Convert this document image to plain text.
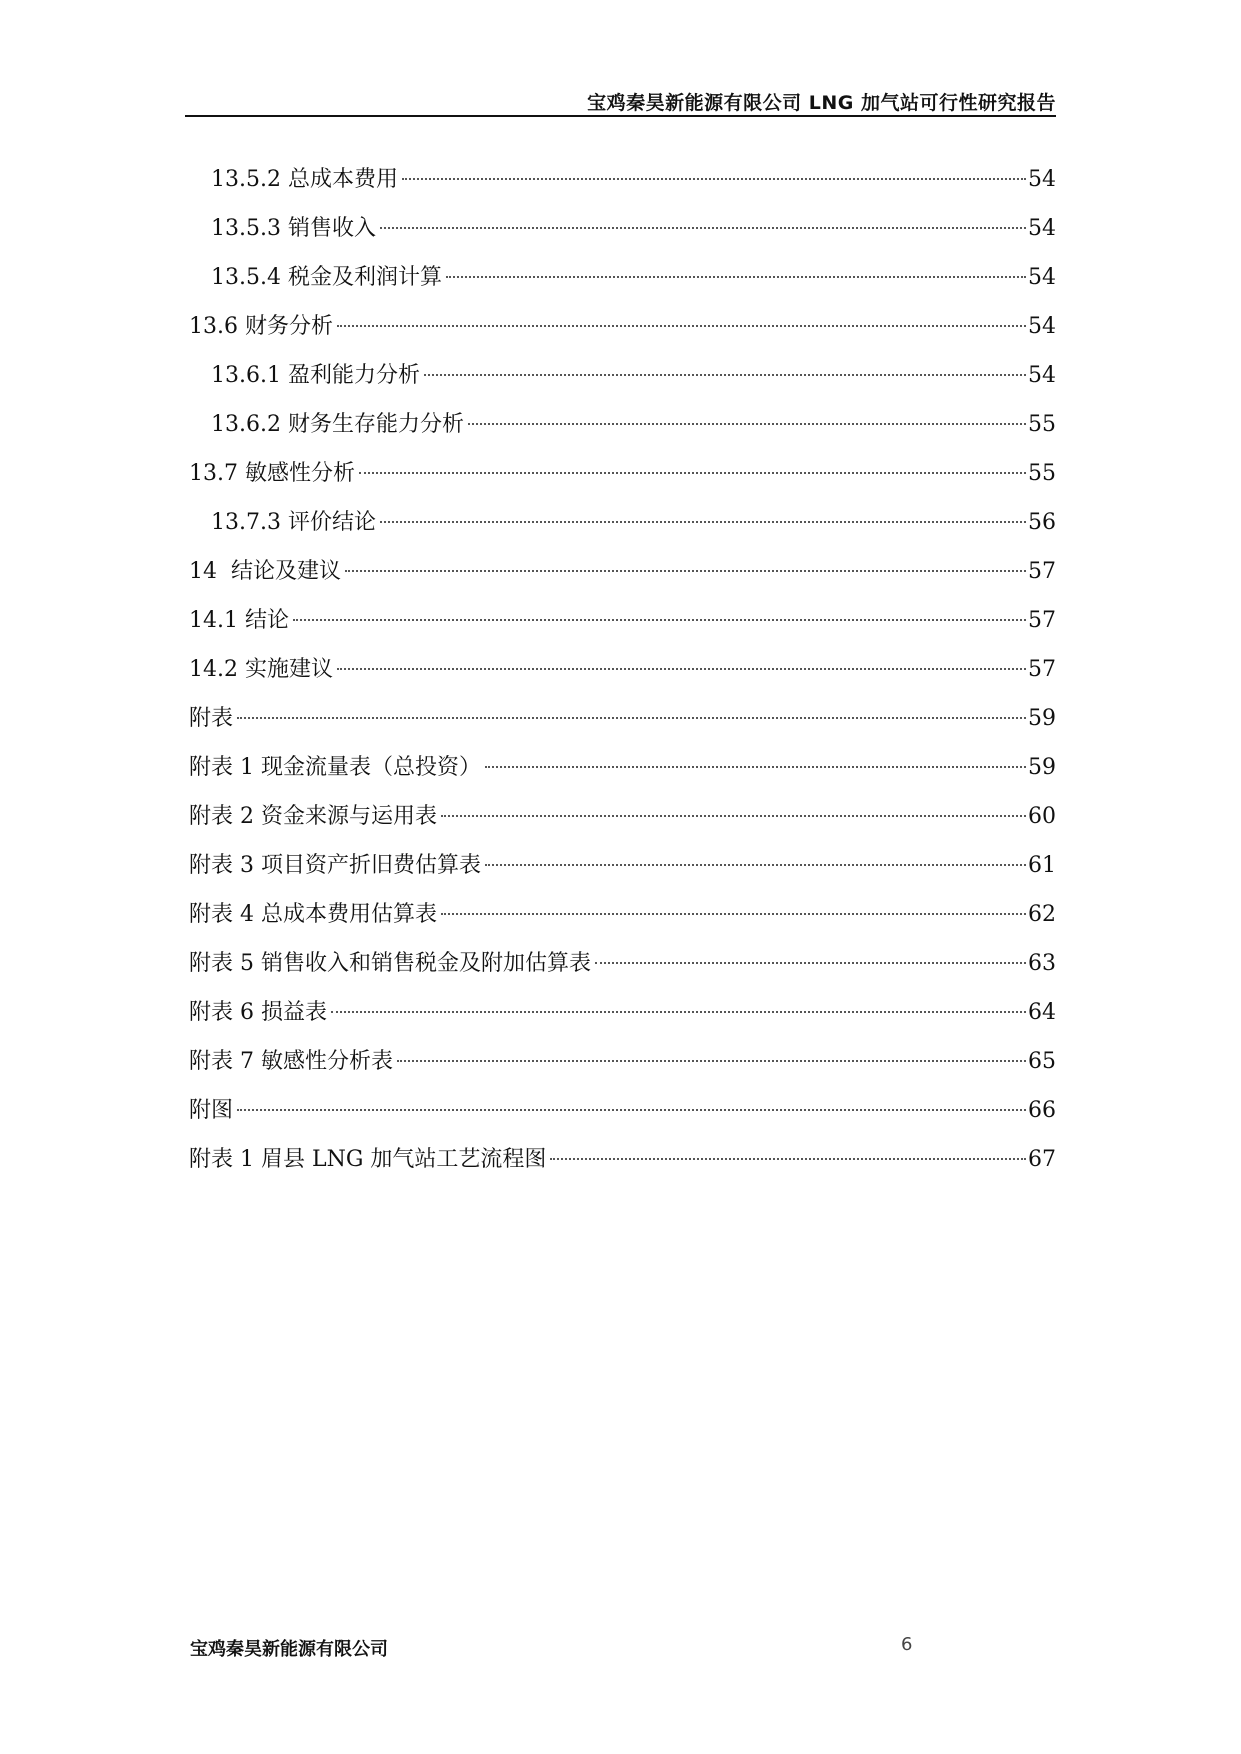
宝鸡秦昊新能源有限公司 LNG 加气站可行性研究报告
13.5.2 总成本费用	54
13.5.3 销售收入	54
13.5.4 税金及利润计算	54
13.6 财务分析	54
13.6.1 盈利能力分析	54
13.6.2 财务生存能力分析	55
13.7 敏感性分析	55
13.7.3 评价结论	56
14  结论及建议	57
14.1 结论	57
14.2 实施建议	57
附表	59
附表 1 现金流量表（总投资）	59
附表 2 资金来源与运用表	60
附表 3 项目资产折旧费估算表	61
附表 4 总成本费用估算表	62
附表 5 销售收入和销售税金及附加估算表	63
附表 6 损益表	64
附表 7 敏感性分析表	65
附图	66
附表 1 眉县 LNG 加气站工艺流程图	67
宝鸡秦昊新能源有限公司	6
